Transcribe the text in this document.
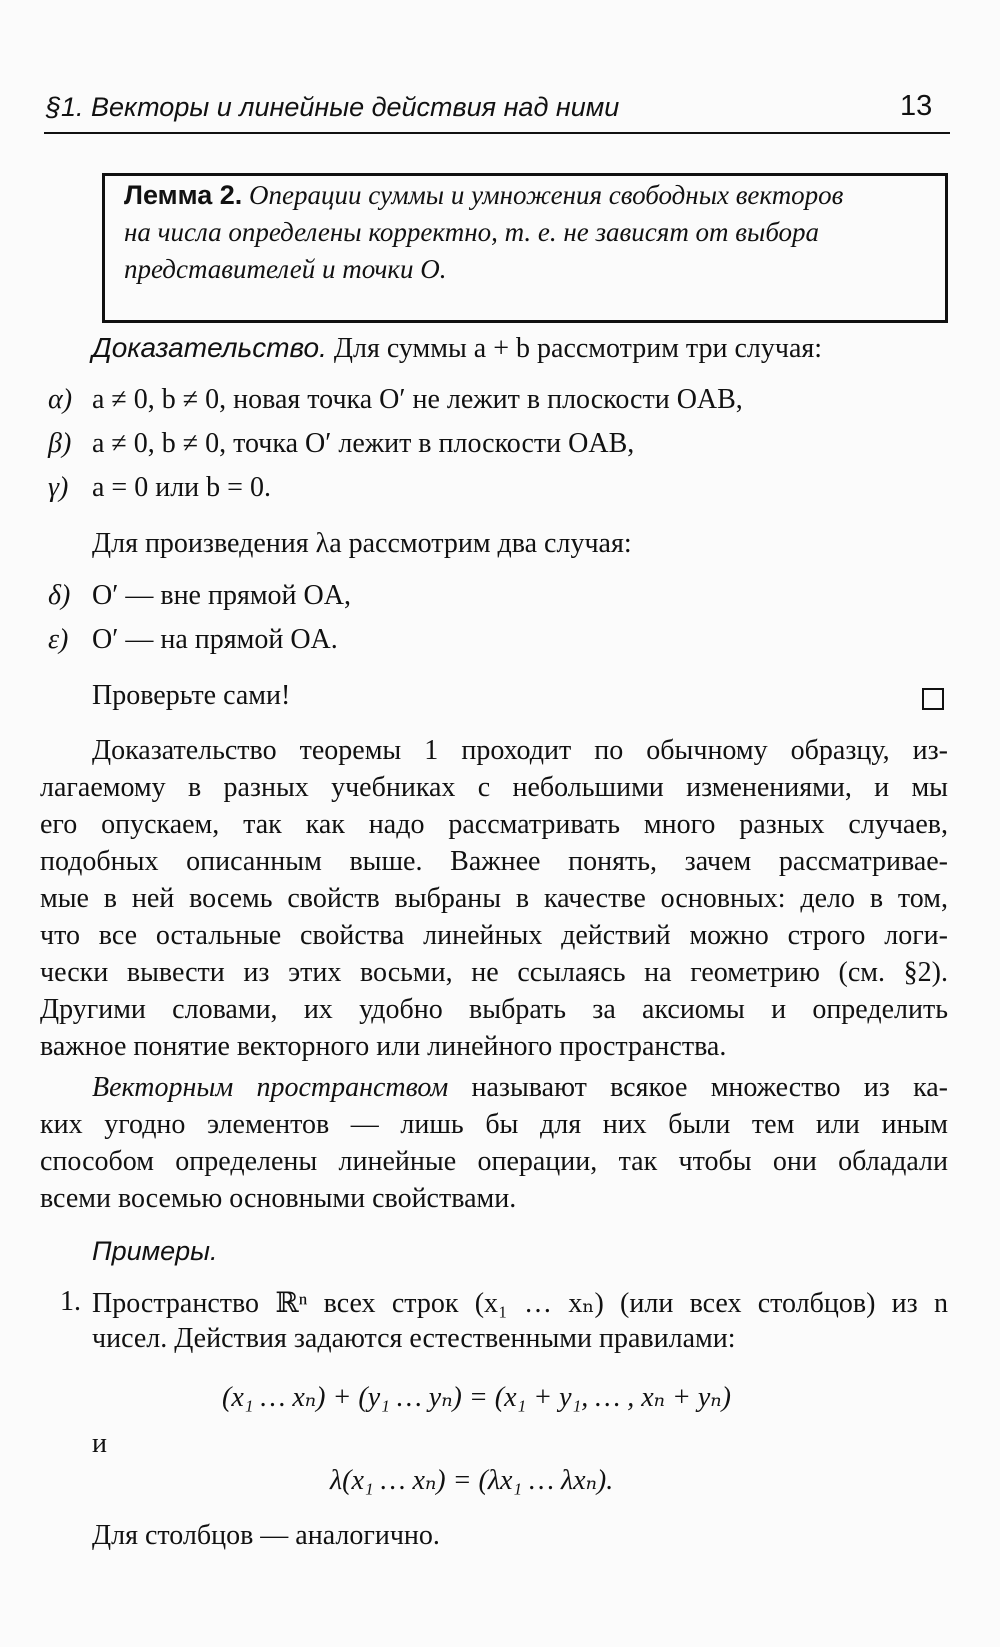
§1. Векторы и линейные действия над ними	13
Лемма 2. Операции суммы и умножения свободных векторов
на числа определены корректно, т. е. не зависят от выбора
представителей и точки O.
Доказательство. Для суммы a + b рассмотрим три случая:
α) a ≠ 0, b ≠ 0, новая точка O′ не лежит в плоскости OAB,
β) a ≠ 0, b ≠ 0, точка O′ лежит в плоскости OAB,
γ) a = 0 или b = 0.
Для произведения λa рассмотрим два случая:
δ) O′ — вне прямой OA,
ε) O′ — на прямой OA.
Проверьте сами!
Доказательство теоремы 1 проходит по обычному образцу, из-
лагаемому в разных учебниках с небольшими изменениями, и мы
его опускаем, так как надо рассматривать много разных случаев,
подобных описанным выше. Важнее понять, зачем рассматривае-
мые в ней восемь свойств выбраны в качестве основных: дело в том,
что все остальные свойства линейных действий можно строго логи-
чески вывести из этих восьми, не ссылаясь на геометрию (см. §2).
Другими словами, их удобно выбрать за аксиомы и определить
важное понятие векторного или линейного пространства.
Векторным пространством называют всякое множество из ка-
ких угодно элементов — лишь бы для них были тем или иным
способом определены линейные операции, так чтобы они обладали
всеми восемью основными свойствами.
Примеры.
1. Пространство ℝⁿ всех строк (x₁ … xₙ) (или всех столбцов) из n
чисел. Действия задаются естественными правилами:
(x₁ … xₙ) + (y₁ … yₙ) = (x₁ + y₁, … , xₙ + yₙ)
и
λ(x₁ … xₙ) = (λx₁ … λxₙ).
Для столбцов — аналогично.
